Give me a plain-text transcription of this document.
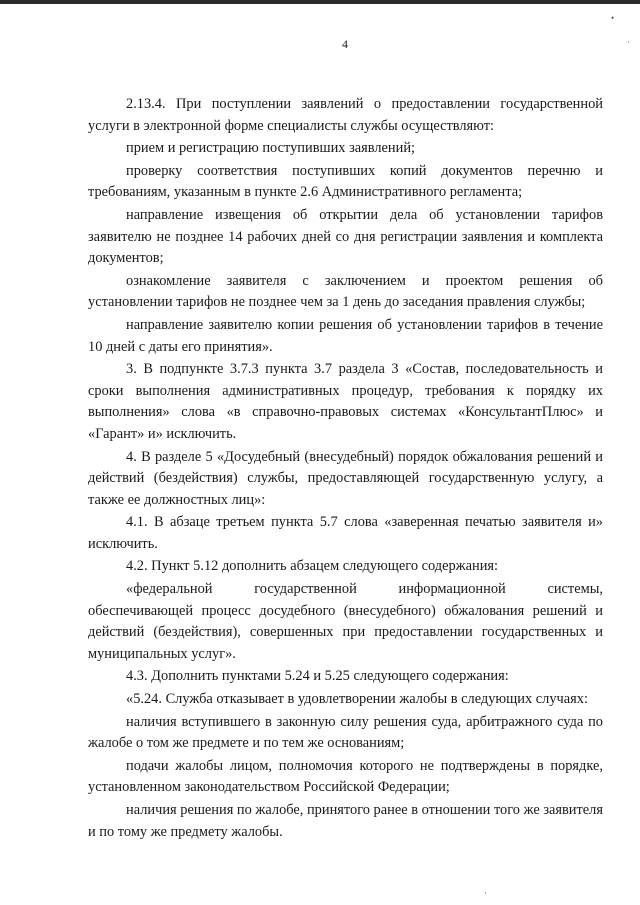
•
·
·
4

2.13.4. При поступлении заявлений о предоставлении государственной услуги в электронной форме специалисты службы осуществляют:

прием и регистрацию поступивших заявлений;

проверку соответствия поступивших копий документов перечню и требованиям, указанным в пункте 2.6 Административного регламента;

направление извещения об открытии дела об установлении тарифов заявителю не позднее 14 рабочих дней со дня регистрации заявления и комплекта документов;

ознакомление заявителя с заключением и проектом решения об установлении тарифов не позднее чем за 1 день до заседания правления службы;

направление заявителю копии решения об установлении тарифов в течение 10 дней с даты его принятия».

3. В подпункте 3.7.3 пункта 3.7 раздела 3 «Состав, последовательность и сроки выполнения административных процедур, требования к порядку их выполнения» слова «в справочно-правовых системах «КонсультантПлюс» и «Гарант» и» исключить.

4. В разделе 5 «Досудебный (внесудебный) порядок обжалования решений и действий (бездействия) службы, предоставляющей государственную услугу, а также ее должностных лиц»:

4.1. В абзаце третьем пункта 5.7 слова «заверенная печатью заявителя и» исключить.

4.2. Пункт 5.12 дополнить абзацем следующего содержания:

«федеральной государственной информационной системы,

обеспечивающей процесс досудебного (внесудебного) обжалования решений и действий (бездействия), совершенных при предоставлении государственных и муниципальных услуг».

4.3. Дополнить пунктами 5.24 и 5.25 следующего содержания:

«5.24. Служба отказывает в удовлетворении жалобы в следующих случаях:

наличия вступившего в законную силу решения суда, арбитражного суда по жалобе о том же предмете и по тем же основаниям;

подачи жалобы лицом, полномочия которого не подтверждены в порядке, установленном законодательством Российской Федерации;

наличия решения по жалобе, принятого ранее в отношении того же заявителя и по тому же предмету жалобы.
